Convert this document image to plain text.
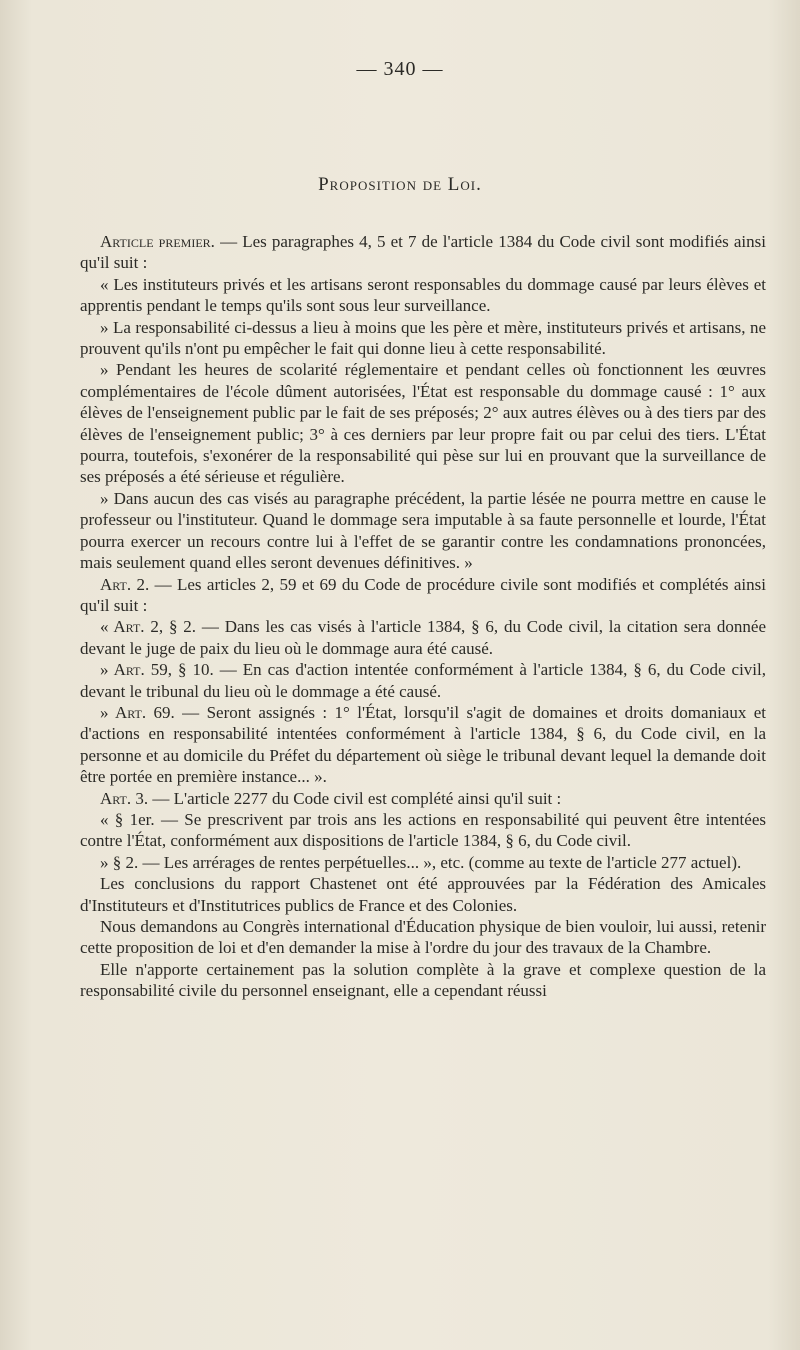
— 340 —
Proposition de Loi.

Article premier. — Les paragraphes 4, 5 et 7 de l'article 1384 du Code civil sont modifiés ainsi qu'il suit :

« Les instituteurs privés et les artisans seront responsables du dommage causé par leurs élèves et apprentis pendant le temps qu'ils sont sous leur surveillance.

» La responsabilité ci-dessus a lieu à moins que les père et mère, instituteurs privés et artisans, ne prouvent qu'ils n'ont pu empêcher le fait qui donne lieu à cette responsabilité.

» Pendant les heures de scolarité réglementaire et pendant celles où fonctionnent les œuvres complémentaires de l'école dûment autorisées, l'État est responsable du dommage causé : 1° aux élèves de l'enseignement public par le fait de ses préposés; 2° aux autres élèves ou à des tiers par des élèves de l'enseignement public; 3° à ces derniers par leur propre fait ou par celui des tiers. L'État pourra, toutefois, s'exonérer de la responsabilité qui pèse sur lui en prouvant que la surveillance de ses préposés a été sérieuse et régulière.

» Dans aucun des cas visés au paragraphe précédent, la partie lésée ne pourra mettre en cause le professeur ou l'instituteur. Quand le dommage sera imputable à sa faute personnelle et lourde, l'État pourra exercer un recours contre lui à l'effet de se garantir contre les condamnations prononcées, mais seulement quand elles seront devenues définitives. »

Art. 2. — Les articles 2, 59 et 69 du Code de procédure civile sont modifiés et complétés ainsi qu'il suit :

« Art. 2, § 2. — Dans les cas visés à l'article 1384, § 6, du Code civil, la citation sera donnée devant le juge de paix du lieu où le dommage aura été causé.

» Art. 59, § 10. — En cas d'action intentée conformément à l'article 1384, § 6, du Code civil, devant le tribunal du lieu où le dommage a été causé.

» Art. 69. — Seront assignés : 1° l'État, lorsqu'il s'agit de domaines et droits domaniaux et d'actions en responsabilité intentées conformément à l'article 1384, § 6, du Code civil, en la personne et au domicile du Préfet du département où siège le tribunal devant lequel la demande doit être portée en première instance... ».

Art. 3. — L'article 2277 du Code civil est complété ainsi qu'il suit :

« § 1er. — Se prescrivent par trois ans les actions en responsabilité qui peuvent être intentées contre l'État, conformément aux dispositions de l'article 1384, § 6, du Code civil.

» § 2. — Les arrérages de rentes perpétuelles... », etc. (comme au texte de l'article 277 actuel).

Les conclusions du rapport Chastenet ont été approuvées par la Fédération des Amicales d'Instituteurs et d'Institutrices publics de France et des Colonies.

Nous demandons au Congrès international d'Éducation physique de bien vouloir, lui aussi, retenir cette proposition de loi et d'en demander la mise à l'ordre du jour des travaux de la Chambre.

Elle n'apporte certainement pas la solution complète à la grave et complexe question de la responsabilité civile du personnel enseignant, elle a cependant réussi
